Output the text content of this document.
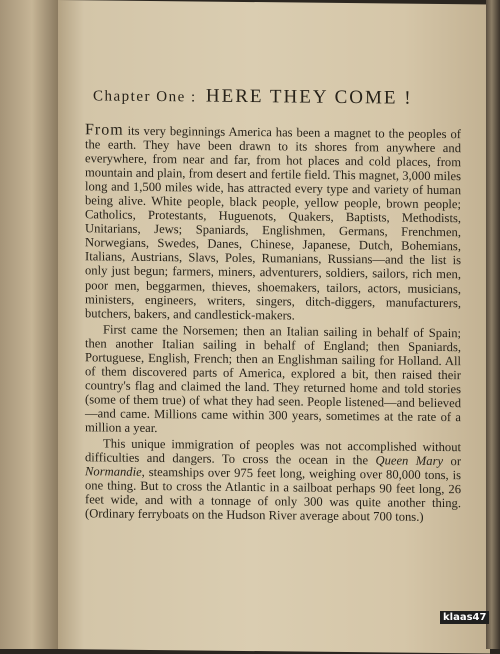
Chapter One : HERE THEY COME !

From its very beginnings America has been a magnet to the peoples of the earth. They have been drawn to its shores from anywhere and everywhere, from near and far, from hot places and cold places, from mountain and plain, from desert and fertile field. This magnet, 3,000 miles long and 1,500 miles wide, has attracted every type and variety of human being alive. White people, black people, yellow people, brown people; Catholics, Protestants, Huguenots, Quakers, Baptists, Methodists, Unitarians, Jews; Spaniards, Englishmen, Germans, Frenchmen, Norwegians, Swedes, Danes, Chinese, Japanese, Dutch, Bohemians, Italians, Austrians, Slavs, Poles, Rumanians, Russians—and the list is only just begun; farmers, miners, adventurers, soldiers, sailors, rich men, poor men, beggarmen, thieves, shoemakers, tailors, actors, musicians, ministers, engineers, writers, singers, ditch-diggers, manufacturers, butchers, bakers, and candlestick-makers.

First came the Norsemen; then an Italian sailing in behalf of Spain; then another Italian sailing in behalf of England; then Spaniards, Portuguese, English, French; then an Englishman sailing for Holland. All of them discovered parts of America, explored a bit, then raised their country's flag and claimed the land. They returned home and told stories (some of them true) of what they had seen. People listened—and believed—and came. Millions came within 300 years, sometimes at the rate of a million a year.

This unique immigration of peoples was not accomplished without difficulties and dangers. To cross the ocean in the Queen Mary or Normandie, steamships over 975 feet long, weighing over 80,000 tons, is one thing. But to cross the Atlantic in a sailboat perhaps 90 feet long, 26 feet wide, and with a tonnage of only 300 was quite another thing. (Ordinary ferryboats on the Hudson River average about 700 tons.)

klaas47
